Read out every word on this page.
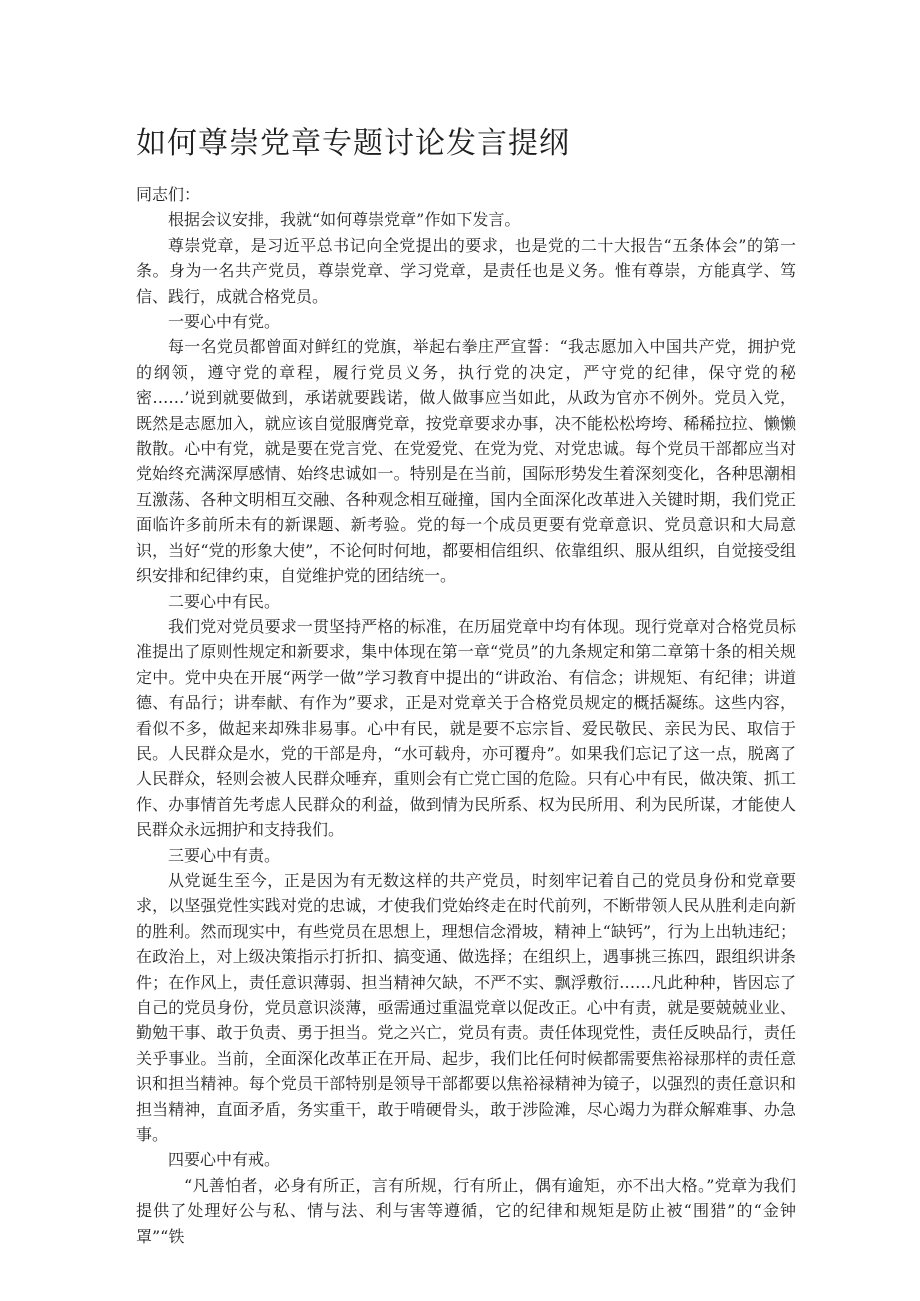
如何尊崇党章专题讨论发言提纲

同志们：

根据会议安排，我就“如何尊崇党章”作如下发言。

尊崇党章，是习近平总书记向全党提出的要求，也是党的二十大报告“五条体会”的第一条。身为一名共产党员，尊崇党章、学习党章，是责任也是义务。惟有尊崇，方能真学、笃信、践行，成就合格党员。

一要心中有党。

每一名党员都曾面对鲜红的党旗，举起右拳庄严宣誓：“我志愿加入中国共产党，拥护党的纲领，遵守党的章程，履行党员义务，执行党的决定，严守党的纪律，保守党的秘密……’说到就要做到，承诺就要践诺，做人做事应当如此，从政为官亦不例外。党员入党，既然是志愿加入，就应该自觉服膺党章，按党章要求办事，决不能松松垮垮、稀稀拉拉、懒懒散散。心中有党，就是要在党言党、在党爱党、在党为党、对党忠诚。每个党员干部都应当对党始终充满深厚感情、始终忠诚如一。特别是在当前，国际形势发生着深刻变化，各种思潮相互激荡、各种文明相互交融、各种观念相互碰撞，国内全面深化改革进入关键时期，我们党正面临许多前所未有的新课题、新考验。党的每一个成员更要有党章意识、党员意识和大局意识，当好“党的形象大使”，不论何时何地，都要相信组织、依靠组织、服从组织，自觉接受组织安排和纪律约束，自觉维护党的团结统一。

二要心中有民。

我们党对党员要求一贯坚持严格的标准，在历届党章中均有体现。现行党章对合格党员标准提出了原则性规定和新要求，集中体现在第一章“党员”的九条规定和第二章第十条的相关规定中。党中央在开展“两学一做”学习教育中提出的“讲政治、有信念；讲规矩、有纪律；讲道德、有品行；讲奉献、有作为”要求，正是对党章关于合格党员规定的概括凝练。这些内容，看似不多，做起来却殊非易事。心中有民，就是要不忘宗旨、爱民敬民、亲民为民、取信于民。人民群众是水，党的干部是舟，“水可载舟，亦可覆舟”。如果我们忘记了这一点，脱离了人民群众，轻则会被人民群众唾弃，重则会有亡党亡国的危险。只有心中有民，做决策、抓工作、办事情首先考虑人民群众的利益，做到情为民所系、权为民所用、利为民所谋，才能使人民群众永远拥护和支持我们。

三要心中有责。

从党诞生至今，正是因为有无数这样的共产党员，时刻牢记着自己的党员身份和党章要求，以坚强党性实践对党的忠诚，才使我们党始终走在时代前列，不断带领人民从胜利走向新的胜利。然而现实中，有些党员在思想上，理想信念滑坡，精神上“缺钙”，行为上出轨违纪；在政治上，对上级决策指示打折扣、搞变通、做选择；在组织上，遇事挑三拣四，跟组织讲条件；在作风上，责任意识薄弱、担当精神欠缺，不严不实、飘浮敷衍……凡此种种，皆因忘了自己的党员身份，党员意识淡薄，亟需通过重温党章以促改正。心中有责，就是要兢兢业业、勤勉干事、敢于负责、勇于担当。党之兴亡，党员有责。责任体现党性，责任反映品行，责任关乎事业。当前，全面深化改革正在开局、起步，我们比任何时候都需要焦裕禄那样的责任意识和担当精神。每个党员干部特别是领导干部都要以焦裕禄精神为镜子，以强烈的责任意识和担当精神，直面矛盾，务实重干，敢于啃硬骨头，敢于涉险滩，尽心竭力为群众解难事、办急事。

四要心中有戒。

“凡善怕者，必身有所正，言有所规，行有所止，偶有逾矩，亦不出大格。”党章为我们提供了处理好公与私、情与法、利与害等遵循，它的纪律和规矩是防止被“围猎”的“金钟罩”“铁
